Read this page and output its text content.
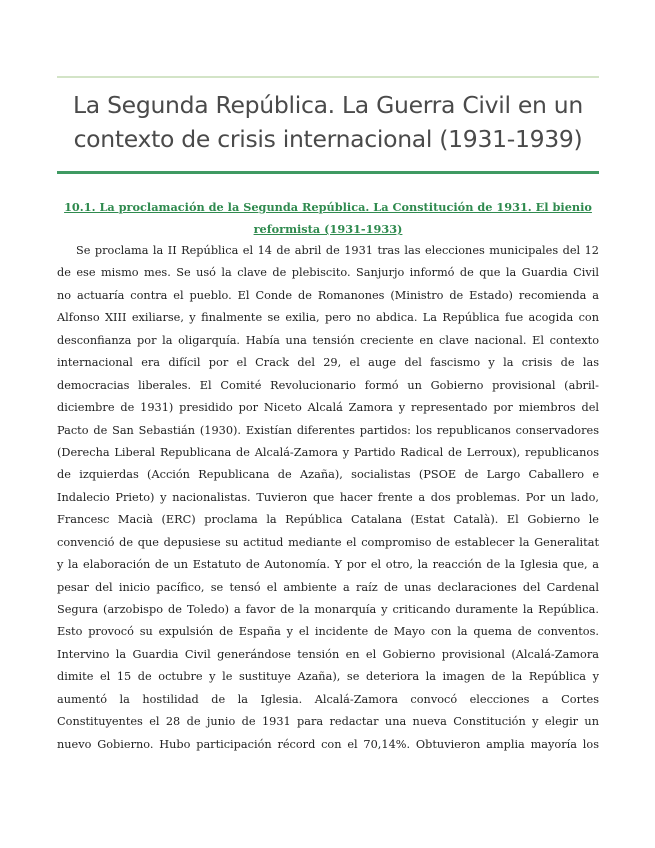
La Segunda República. La Guerra Civil en un
contexto de crisis internacional (1931-1939)
10.1. La proclamación de la Segunda República. La Constitución de 1931. El bienio
reformista (1931-1933)
Se proclama la II República el 14 de abril de 1931 tras las elecciones municipales del 12
de ese mismo mes. Se usó la clave de plebiscito. Sanjurjo informó de que la Guardia Civil
no actuaría contra el pueblo. El Conde de Romanones (Ministro de Estado) recomienda a
Alfonso XIII exiliarse, y finalmente se exilia, pero no abdica. La República fue acogida con
desconfianza por la oligarquía. Había una tensión creciente en clave nacional. El contexto
internacional era difícil por el Crack del 29, el auge del fascismo y la crisis de las
democracias liberales. El Comité Revolucionario formó un Gobierno provisional (abril-
diciembre de 1931) presidido por Niceto Alcalá Zamora y representado por miembros del
Pacto de San Sebastián (1930). Existían diferentes partidos: los republicanos conservadores
(Derecha Liberal Republicana de Alcalá-Zamora y Partido Radical de Lerroux), republicanos
de izquierdas (Acción Republicana de Azaña), socialistas (PSOE de Largo Caballero e
Indalecio Prieto) y nacionalistas. Tuvieron que hacer frente a dos problemas. Por un lado,
Francesc Macià (ERC) proclama la República Catalana (Estat Català). El Gobierno le
convenció de que depusiese su actitud mediante el compromiso de establecer la Generalitat
y la elaboración de un Estatuto de Autonomía. Y por el otro, la reacción de la Iglesia que, a
pesar del inicio pacífico, se tensó el ambiente a raíz de unas declaraciones del Cardenal
Segura (arzobispo de Toledo) a favor de la monarquía y criticando duramente la República.
Esto provocó su expulsión de España y el incidente de Mayo con la quema de conventos.
Intervino la Guardia Civil generándose tensión en el Gobierno provisional (Alcalá-Zamora
dimite el 15 de octubre y le sustituye Azaña), se deteriora la imagen de la República y
aumentó la hostilidad de la Iglesia. Alcalá-Zamora convocó elecciones a Cortes
Constituyentes el 28 de junio de 1931 para redactar una nueva Constitución y elegir un
nuevo Gobierno. Hubo participación récord con el 70,14%. Obtuvieron amplia mayoría los
